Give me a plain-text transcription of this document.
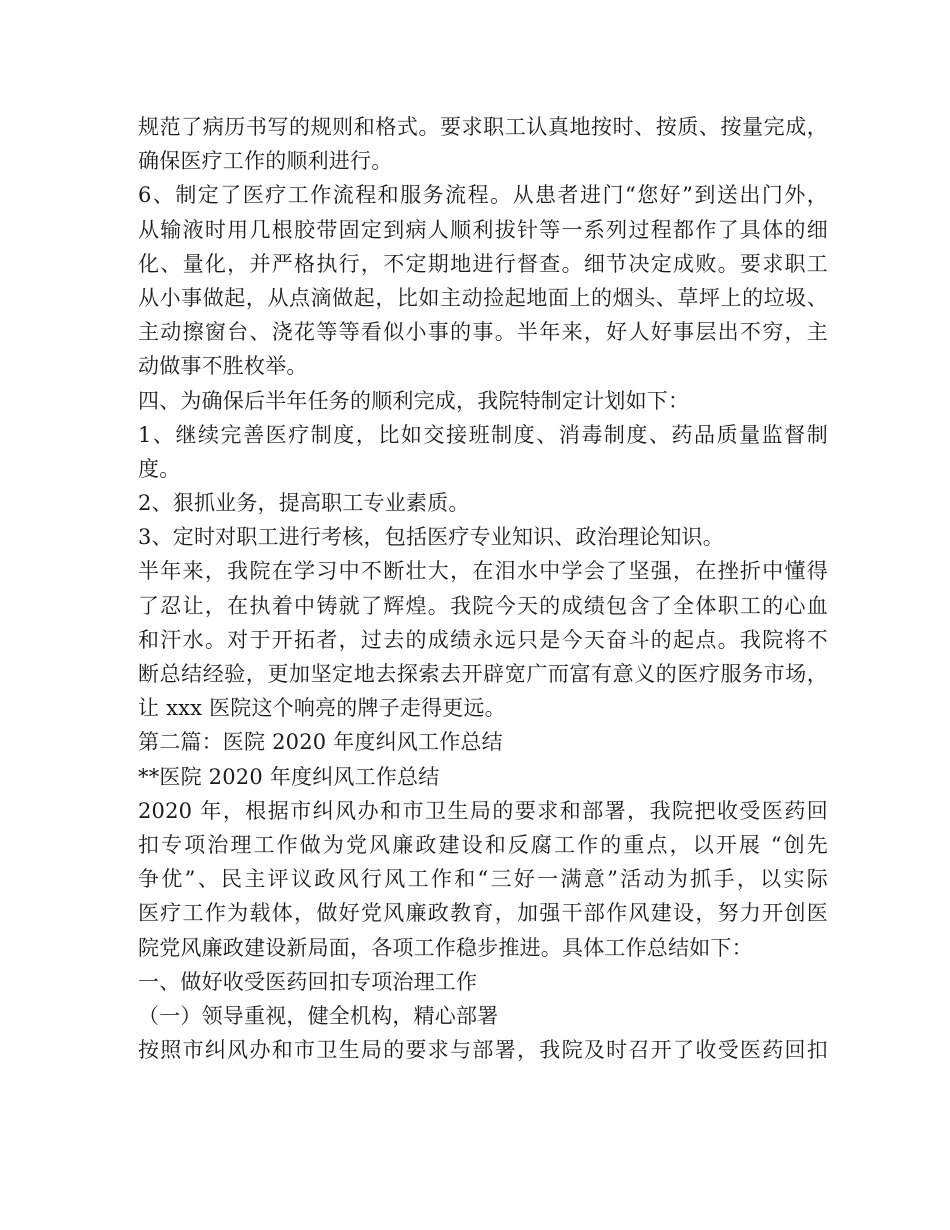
规范了病历书写的规则和格式。要求职工认真地按时、按质、按量完成，
确保医疗工作的顺利进行。
6、制定了医疗工作流程和服务流程。从患者进门“您好”到送出门外，
从输液时用几根胶带固定到病人顺利拔针等一系列过程都作了具体的细
化、量化，并严格执行，不定期地进行督查。细节决定成败。要求职工
从小事做起，从点滴做起，比如主动捡起地面上的烟头、草坪上的垃圾、
主动擦窗台、浇花等等看似小事的事。半年来，好人好事层出不穷，主
动做事不胜枚举。
四、为确保后半年任务的顺利完成，我院特制定计划如下：
1、继续完善医疗制度，比如交接班制度、消毒制度、药品质量监督制
度。
2、狠抓业务，提高职工专业素质。
3、定时对职工进行考核，包括医疗专业知识、政治理论知识。
半年来，我院在学习中不断壮大，在泪水中学会了坚强，在挫折中懂得
了忍让，在执着中铸就了辉煌。我院今天的成绩包含了全体职工的心血
和汗水。对于开拓者，过去的成绩永远只是今天奋斗的起点。我院将不
断总结经验，更加坚定地去探索去开辟宽广而富有意义的医疗服务市场，
让 xxx 医院这个响亮的牌子走得更远。
第二篇：医院 2020 年度纠风工作总结
**医院 2020 年度纠风工作总结
2020 年，根据市纠风办和市卫生局的要求和部署，我院把收受医药回
扣专项治理工作做为党风廉政建设和反腐工作的重点，以开展 “创先
争优”、民主评议政风行风工作和“三好一满意”活动为抓手，以实际
医疗工作为载体，做好党风廉政教育，加强干部作风建设，努力开创医
院党风廉政建设新局面，各项工作稳步推进。具体工作总结如下：
一、做好收受医药回扣专项治理工作
（一）领导重视，健全机构，精心部署
按照市纠风办和市卫生局的要求与部署，我院及时召开了收受医药回扣
